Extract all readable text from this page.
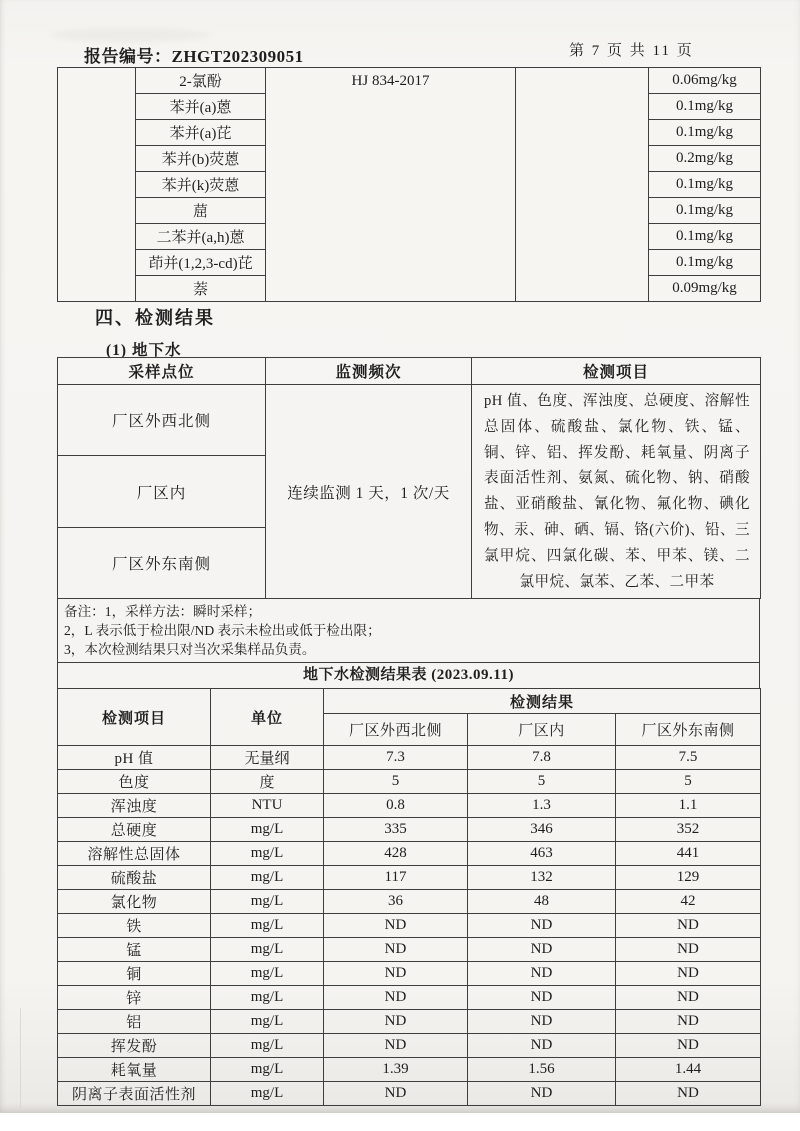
报告编号：ZHGT202309051	第 7 页 共 11 页
	2-氯酚	HJ 834-2017		0.06mg/kg
	苯并(a)蒽			0.1mg/kg
	苯并(a)芘			0.1mg/kg
	苯并(b)荧蒽			0.2mg/kg
	苯并(k)荧蒽			0.1mg/kg
	䓛			0.1mg/kg
	二苯并(a,h)蒽			0.1mg/kg
	茚并(1,2,3-cd)芘			0.1mg/kg
	萘			0.09mg/kg
四、检测结果
(1) 地下水
采样点位	监测频次	检测项目
厂区外西北侧	连续监测 1 天，1 次/天	pH 值、色度、浑浊度、总硬度、溶解性总固体、硫酸盐、氯化物、铁、锰、铜、锌、铝、挥发酚、耗氧量、阴离子表面活性剂、氨氮、硫化物、钠、硝酸盐、亚硝酸盐、氰化物、氟化物、碘化物、汞、砷、硒、镉、铬(六价)、铅、三氯甲烷、四氯化碳、苯、甲苯、镁、二氯甲烷、氯苯、乙苯、二甲苯
厂区内		
厂区外东南侧		
备注：1，采样方法：瞬时采样；
2，L 表示低于检出限/ND 表示未检出或低于检出限；
3，本次检测结果只对当次采集样品负责。
地下水检测结果表 (2023.09.11)
检测项目	单位	检测结果		
		厂区外西北侧	厂区内	厂区外东南侧
pH 值	无量纲	7.3	7.8	7.5
色度	度	5	5	5
浑浊度	NTU	0.8	1.3	1.1
总硬度	mg/L	335	346	352
溶解性总固体	mg/L	428	463	441
硫酸盐	mg/L	117	132	129
氯化物	mg/L	36	48	42
铁	mg/L	ND	ND	ND
锰	mg/L	ND	ND	ND
铜	mg/L	ND	ND	ND
锌	mg/L	ND	ND	ND
铝	mg/L	ND	ND	ND
挥发酚	mg/L	ND	ND	ND
耗氧量	mg/L	1.39	1.56	1.44
阴离子表面活性剂	mg/L	ND	ND	ND
